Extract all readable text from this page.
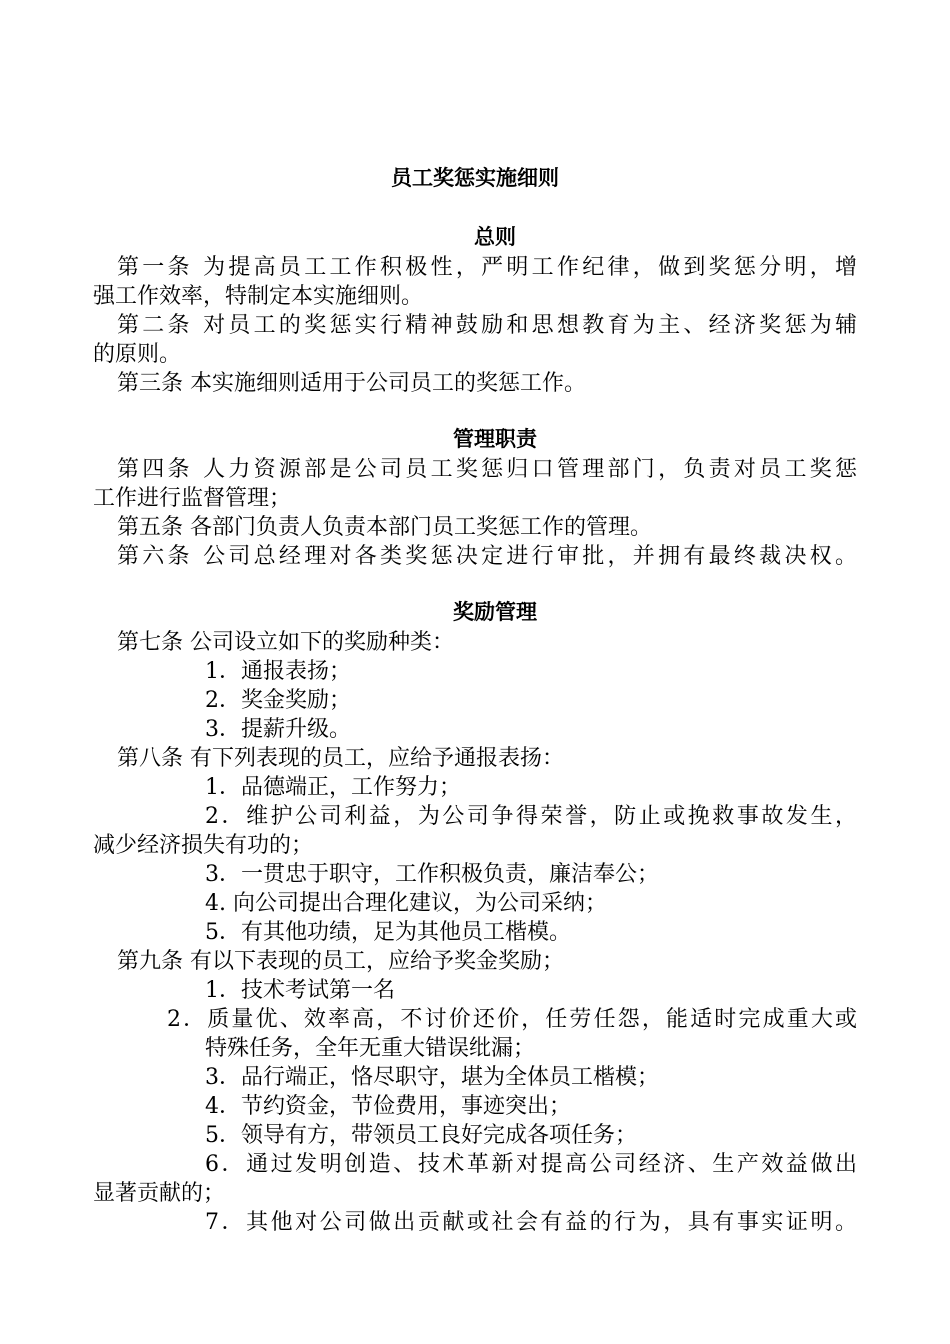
员工奖惩实施细则
总则

第一条 为提高员工工作积极性，严明工作纪律，做到奖惩分明，增

强工作效率，特制定本实施细则。

第二条 对员工的奖惩实行精神鼓励和思想教育为主、经济奖惩为辅

的原则。

第三条 本实施细则适用于公司员工的奖惩工作。

管理职责

第四条 人力资源部是公司员工奖惩归口管理部门，负责对员工奖惩

工作进行监督管理；

第五条 各部门负责人负责本部门员工奖惩工作的管理。

第六条 公司总经理对各类奖惩决定进行审批，并拥有最终裁决权。

奖励管理

第七条 公司设立如下的奖励种类：

1．通报表扬；

2．奖金奖励；

3．提薪升级。

第八条 有下列表现的员工，应给予通报表扬：

1．品德端正，工作努力；

2．维护公司利益，为公司争得荣誉，防止或挽救事故发生，

减少经济损失有功的；

3．一贯忠于职守，工作积极负责，廉洁奉公；

4. 向公司提出合理化建议，为公司采纳；

5．有其他功绩，足为其他员工楷模。

第九条 有以下表现的员工，应给予奖金奖励；

1．技术考试第一名

2．质量优、效率高，不讨价还价，任劳任怨，能适时完成重大或

特殊任务，全年无重大错误纰漏；

3．品行端正，恪尽职守，堪为全体员工楷模；

4．节约资金，节俭费用，事迹突出；

5．领导有方，带领员工良好完成各项任务；

6．通过发明创造、技术革新对提高公司经济、生产效益做出

显著贡献的；

7．其他对公司做出贡献或社会有益的行为，具有事实证明。
